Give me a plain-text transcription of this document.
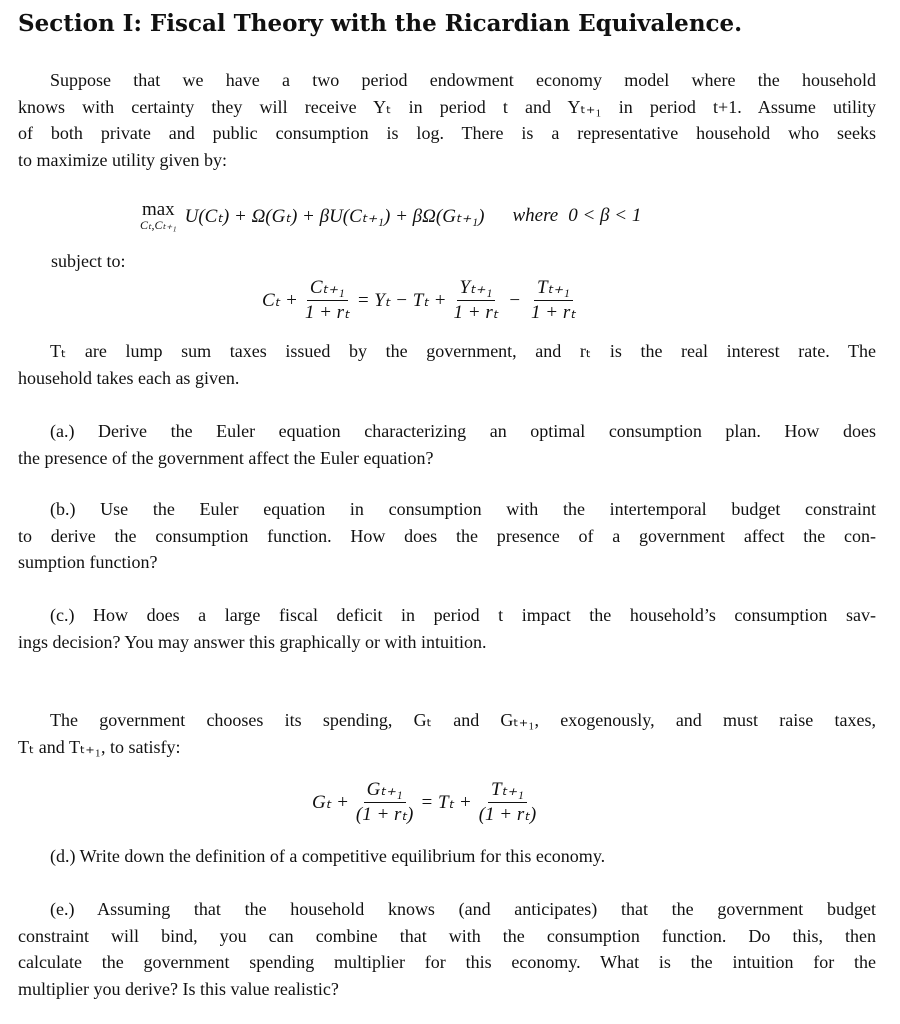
Section I: Fiscal Theory with the Ricardian Equivalence.
Suppose that we have a two period endowment economy model where the household
knows with certainty they will receive Yₜ in period t and Yₜ₊₁ in period t+1. Assume utility
of both private and public consumption is log. There is a representative household who seeks
to maximize utility given by:
max
Cₜ,Cₜ₊₁ U(Cₜ) + Ω(Gₜ) + βU(Cₜ₊₁) + βΩ(Gₜ₊₁) where 0 < β < 1
subject to:
$C_t + \frac{\text{Cₜ₊₁}}{\text{1 + rₜ}} = Y_t - T_t + \frac{\text{Yₜ₊₁}}{\text{1 + rₜ}} - \frac{\text{Tₜ₊₁}}{\text{1 + rₜ}}$
Tₜ are lump sum taxes issued by the government, and rₜ is the real interest rate. The
household takes each as given.
(a.) Derive the Euler equation characterizing an optimal consumption plan. How does
the presence of the government affect the Euler equation?
(b.) Use the Euler equation in consumption with the intertemporal budget constraint
to derive the consumption function. How does the presence of a government affect the con-
sumption function?
(c.) How does a large fiscal deficit in period t impact the household’s consumption sav-
ings decision? You may answer this graphically or with intuition.
The government chooses its spending, Gₜ and Gₜ₊₁, exogenously, and must raise taxes,
Tₜ and Tₜ₊₁, to satisfy:
$G_t + \frac{\text{Gₜ₊₁}}{\text{(1 + rₜ)}} = T_t + \frac{\text{Tₜ₊₁}}{\text{(1 + rₜ)}}$
(d.) Write down the definition of a competitive equilibrium for this economy.
(e.) Assuming that the household knows (and anticipates) that the government budget
constraint will bind, you can combine that with the consumption function. Do this, then
calculate the government spending multiplier for this economy. What is the intuition for the
multiplier you derive? Is this value realistic?
